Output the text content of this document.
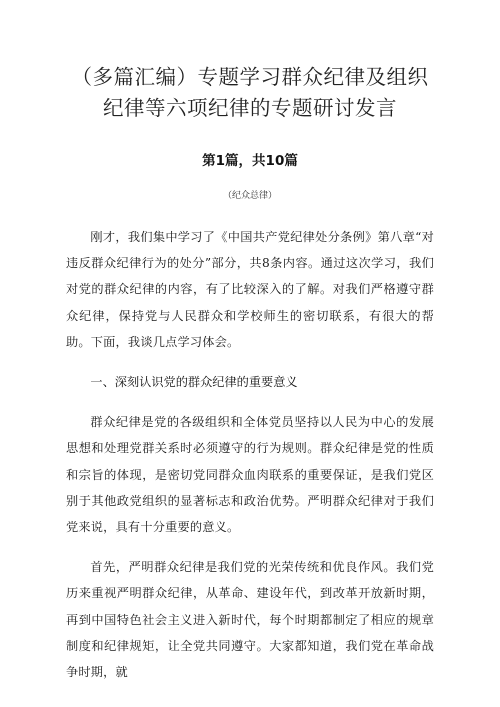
（多篇汇编）专题学习群众纪律及组织纪律等六项纪律的专题研讨发言
第1篇，共10篇
（纪众总律）

刚才，我们集中学习了《中国共产党纪律处分条例》第八章“对违反群众纪律行为的处分”部分，共8条内容。通过这次学习，我们对党的群众纪律的内容，有了比较深入的了解。对我们严格遵守群众纪律，保持党与人民群众和学校师生的密切联系，有很大的帮助。下面，我谈几点学习体会。

一、深刻认识党的群众纪律的重要意义

群众纪律是党的各级组织和全体党员坚持以人民为中心的发展思想和处理党群关系时必须遵守的行为规则。群众纪律是党的性质和宗旨的体现，是密切党同群众血肉联系的重要保证，是我们党区别于其他政党组织的显著标志和政治优势。严明群众纪律对于我们党来说，具有十分重要的意义。

首先，严明群众纪律是我们党的光荣传统和优良作风。我们党历来重视严明群众纪律，从革命、建设年代，到改革开放新时期，再到中国特色社会主义进入新时代，每个时期都制定了相应的规章制度和纪律规矩，让全党共同遵守。大家都知道，我们党在革命战争时期，就
